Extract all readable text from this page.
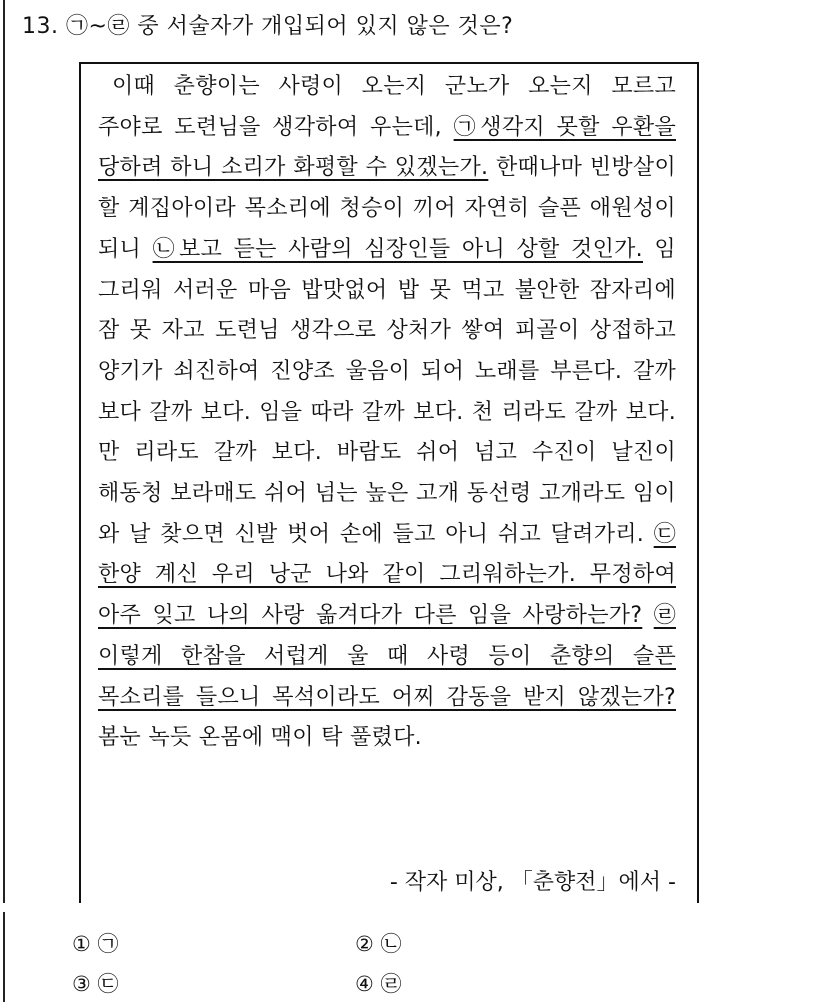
13. ㉠~㉣ 중 서술자가 개입되어 있지 않은 것은?
이때 춘향이는 사령이 오는지 군노가 오는지 모르고 주야로 도련님을 생각하여 우는데, ㉠생각지 못할 우환을 당하려 하니 소리가 화평할 수 있겠는가. 한때나마 빈방살이 할 계집아이라 목소리에 청승이 끼어 자연히 슬픈 애원성이 되니 ㉡보고 듣는 사람의 심장인들 아니 상할 것인가. 임 그리워 서러운 마음 밥맛없어 밥 못 먹고 불안한 잠자리에 잠 못 자고 도련님 생각으로 상처가 쌓여 피골이 상접하고 양기가 쇠진하여 진양조 울음이 되어 노래를 부른다. 갈까 보다 갈까 보다. 임을 따라 갈까 보다. 천 리라도 갈까 보다. 만 리라도 갈까 보다. 바람도 쉬어 넘고 수진이 날진이 해동청 보라매도 쉬어 넘는 높은 고개 동선령 고개라도 임이 와 날 찾으면 신발 벗어 손에 들고 아니 쉬고 달려가리. ㉢한양 계신 우리 낭군 나와 같이 그리워하는가. 무정하여 아주 잊고 나의 사랑 옮겨다가 다른 임을 사랑하는가? ㉣이렇게 한참을 서럽게 울 때 사령 등이 춘향의 슬픈 목소리를 들으니 목석이라도 어찌 감동을 받지 않겠는가? 봄눈 녹듯 온몸에 맥이 탁 풀렸다.
- 작자 미상, 「춘향전」에서 -
① ㉠	② ㉡
③ ㉢	④ ㉣
